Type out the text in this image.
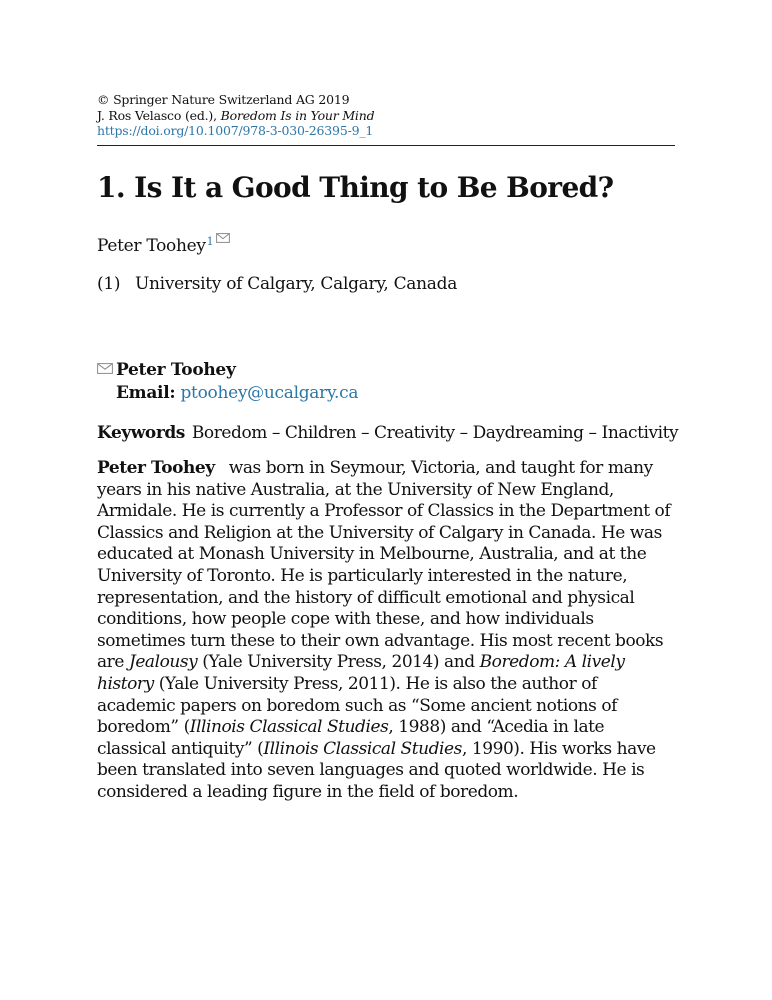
© Springer Nature Switzerland AG 2019
J. Ros Velasco (ed.), Boredom Is in Your Mind
https://doi.org/10.1007/978-3-030-26395-9_1
1. Is It a Good Thing to Be Bored?
Peter Toohey$^1$
(1) University of Calgary, Calgary, Canada
Peter Toohey
Email: ptoohey@ucalgary.ca
Keywords Boredom – Children – Creativity – Daydreaming – Inactivity
Peter Toohey was born in Seymour, Victoria, and taught for many years in his native Australia, at the University of New England, Armidale. He is currently a Professor of Classics in the Department of Classics and Religion at the University of Calgary in Canada. He was educated at Monash University in Melbourne, Australia, and at the University of Toronto. He is particularly interested in the nature, representation, and the history of difficult emotional and physical conditions, how people cope with these, and how individuals sometimes turn these to their own advantage. His most recent books are Jealousy (Yale University Press, 2014) and Boredom: A lively history (Yale University Press, 2011). He is also the author of academic papers on boredom such as “Some ancient notions of boredom” (Illinois Classical Studies, 1988) and “Acedia in late classical antiquity” (Illinois Classical Studies, 1990). His works have been translated into seven languages and quoted worldwide. He is considered a leading figure in the field of boredom.
